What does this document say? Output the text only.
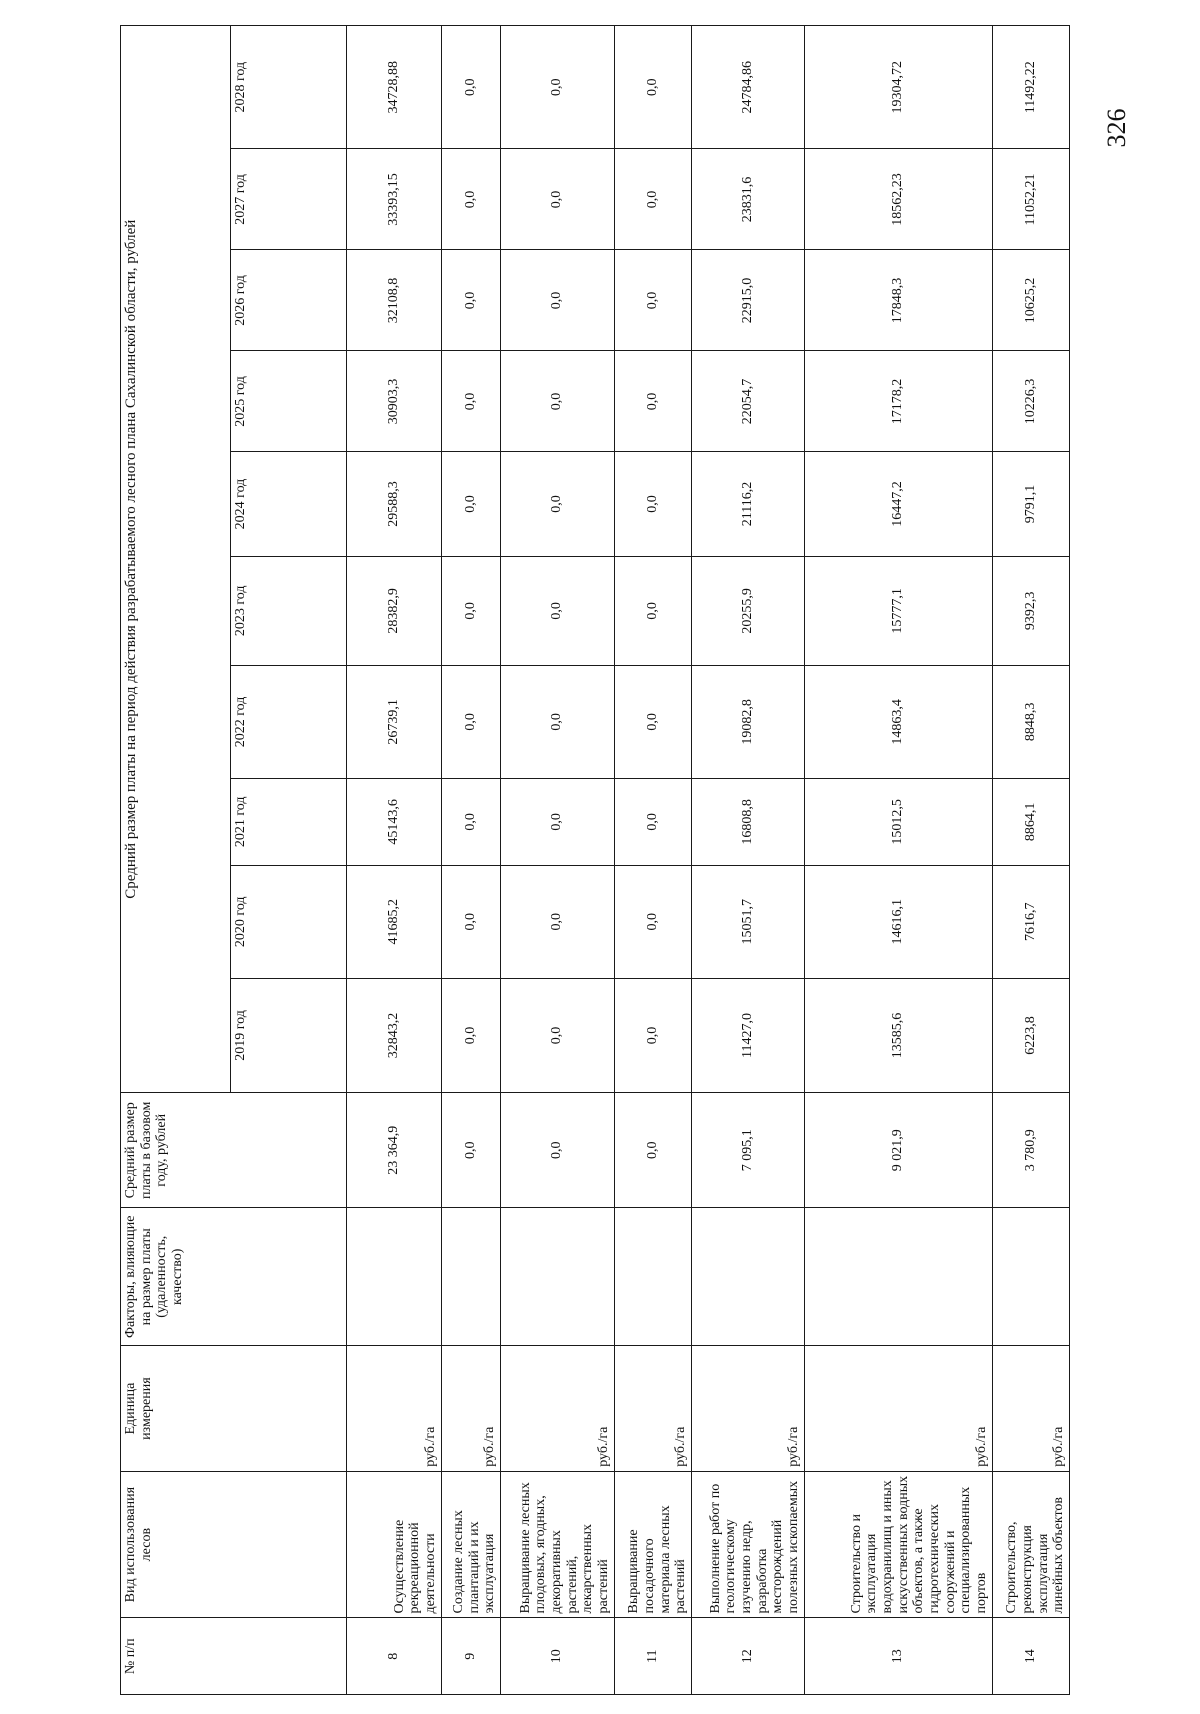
326
№ п/п	Вид использования лесов	Единица измерения	Факторы, влияющие на размер платы (удаленность, качество)	Средний размер платы в базовом году, рублей	Средний размер платы на период действия разрабатываемого лесного плана Сахалинской области, рублей									
					2019 год	2020 год	2021 год	2022 год	2023 год	2024 год	2025 год	2026 год	2027 год	2028 год
8	Осуществление рекреационной деятельности	руб./га		23 364,9	32843,2	41685,2	45143,6	26739,1	28382,9	29588,3	30903,3	32108,8	33393,15	34728,88
9	Создание лесных плантаций и их эксплуатация	руб./га		0,0	0,0	0,0	0,0	0,0	0,0	0,0	0,0	0,0	0,0	0,0
10	Выращивание лесных плодовых, ягодных, декоративных растений, лекарственных растений	руб./га		0,0	0,0	0,0	0,0	0,0	0,0	0,0	0,0	0,0	0,0	0,0
11	Выращивание посадочного материала лесных растений	руб./га		0,0	0,0	0,0	0,0	0,0	0,0	0,0	0,0	0,0	0,0	0,0
12	Выполнение работ по геологическому изучению недр, разработка месторождений полезных ископаемых	руб./га		7 095,1	11427,0	15051,7	16808,8	19082,8	20255,9	21116,2	22054,7	22915,0	23831,6	24784,86
13	Строительство и эксплуатация водохранилищ и иных искусственных водных объектов, а также гидротехнических сооружений и специализированных портов	руб./га		9 021,9	13585,6	14616,1	15012,5	14863,4	15777,1	16447,2	17178,2	17848,3	18562,23	19304,72
14	Строительство, реконструкция эксплуатация линейных объектов	руб./га		3 780,9	6223,8	7616,7	8864,1	8848,3	9392,3	9791,1	10226,3	10625,2	11052,21	11492,22
